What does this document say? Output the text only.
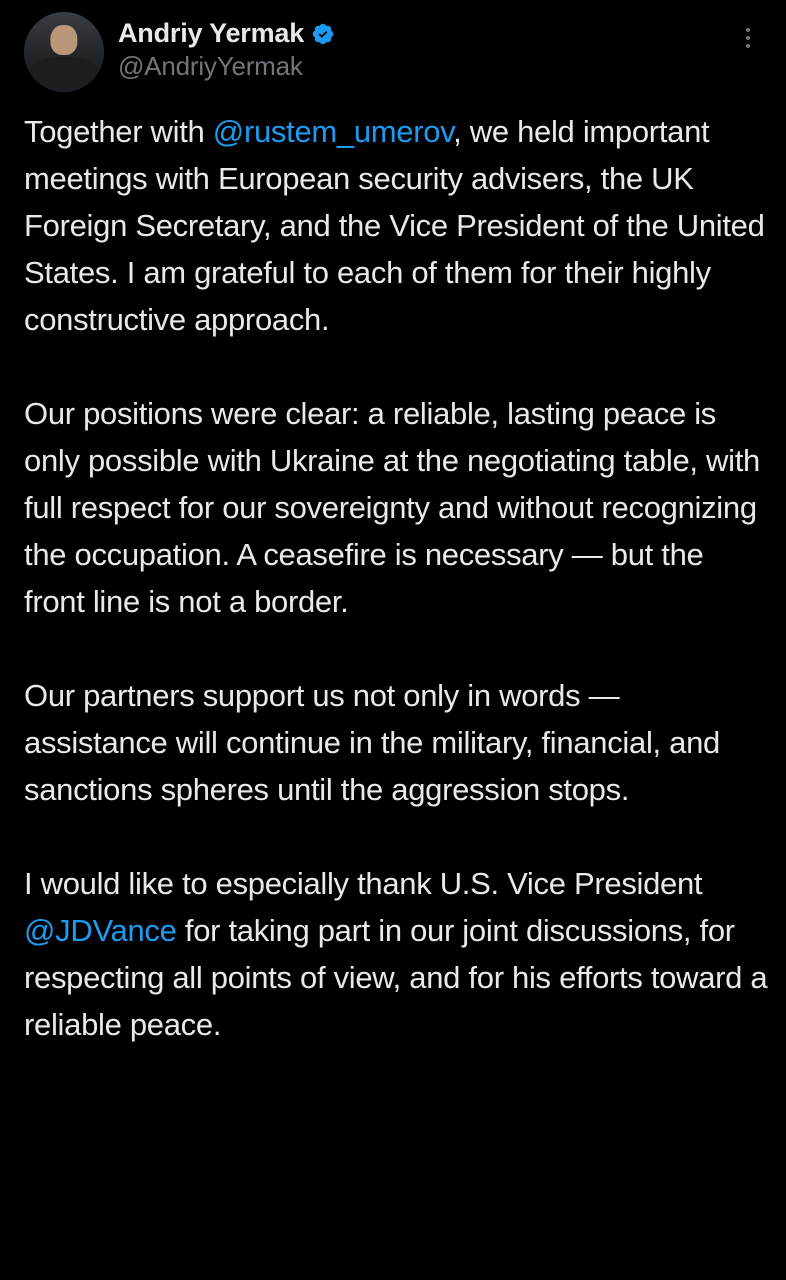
Andriy Yermak
@AndriyYermak

Together with @rustem_umerov, we held important meetings with European security advisers, the UK Foreign Secretary, and the Vice President of the United States. I am grateful to each of them for their highly constructive approach.

Our positions were clear: a reliable, lasting peace is only possible with Ukraine at the negotiating table, with full respect for our sovereignty and without recognizing the occupation. A ceasefire is necessary — but the front line is not a border.

Our partners support us not only in words — assistance will continue in the military, financial, and sanctions spheres until the aggression stops.

I would like to especially thank U.S. Vice President @JDVance for taking part in our joint discussions, for respecting all points of view, and for his efforts toward a reliable peace.
